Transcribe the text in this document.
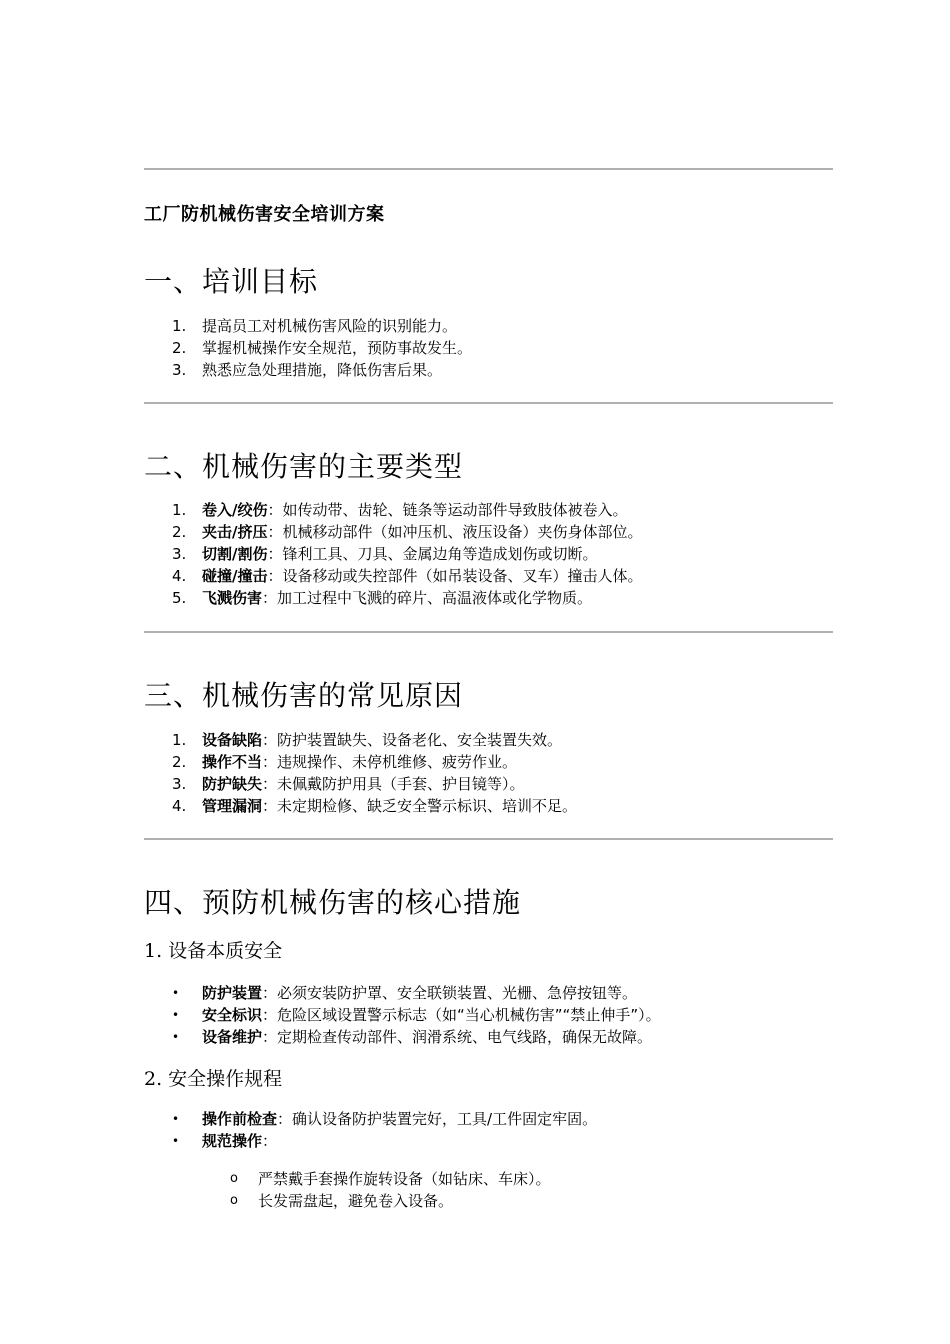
工厂防机械伤害安全培训方案
一、培训目标
1.	提高员工对机械伤害风险的识别能力。
2.	掌握机械操作安全规范，预防事故发生。
3.	熟悉应急处理措施，降低伤害后果。
二、机械伤害的主要类型
1.	卷入/绞伤：如传动带、齿轮、链条等运动部件导致肢体被卷入。
2.	夹击/挤压：机械移动部件（如冲压机、液压设备）夹伤身体部位。
3.	切割/割伤：锋利工具、刀具、金属边角等造成划伤或切断。
4.	碰撞/撞击：设备移动或失控部件（如吊装设备、叉车）撞击人体。
5.	飞溅伤害：加工过程中飞溅的碎片、高温液体或化学物质。
三、机械伤害的常见原因
1.	设备缺陷：防护装置缺失、设备老化、安全装置失效。
2.	操作不当：违规操作、未停机维修、疲劳作业。
3.	防护缺失：未佩戴防护用具（手套、护目镜等）。
4.	管理漏洞：未定期检修、缺乏安全警示标识、培训不足。
四、预防机械伤害的核心措施
1. 设备本质安全
• 防护装置：必须安装防护罩、安全联锁装置、光栅、急停按钮等。
• 安全标识：危险区域设置警示标志（如“当心机械伤害”“禁止伸手”）。
• 设备维护：定期检查传动部件、润滑系统、电气线路，确保无故障。
2. 安全操作规程
• 操作前检查：确认设备防护装置完好，工具/工件固定牢固。
• 规范操作：
o 严禁戴手套操作旋转设备（如钻床、车床）。
o 长发需盘起，避免卷入设备。
